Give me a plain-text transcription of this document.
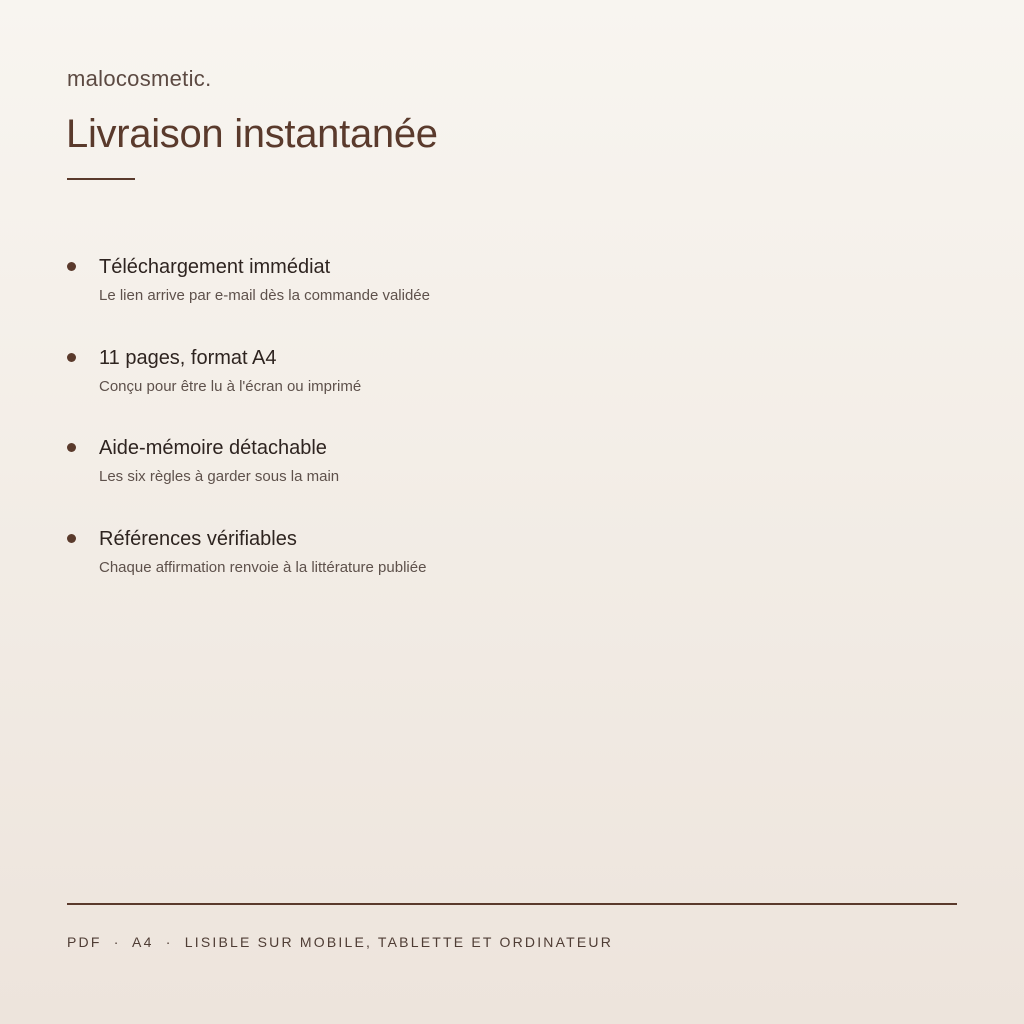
malocosmetic.
Livraison instantanée
Téléchargement immédiat
Le lien arrive par e-mail dès la commande validée
11 pages, format A4
Conçu pour être lu à l'écran ou imprimé
Aide-mémoire détachable
Les six règles à garder sous la main
Références vérifiables
Chaque affirmation renvoie à la littérature publiée
PDF  ·  A4  ·  LISIBLE SUR MOBILE, TABLETTE ET ORDINATEUR
